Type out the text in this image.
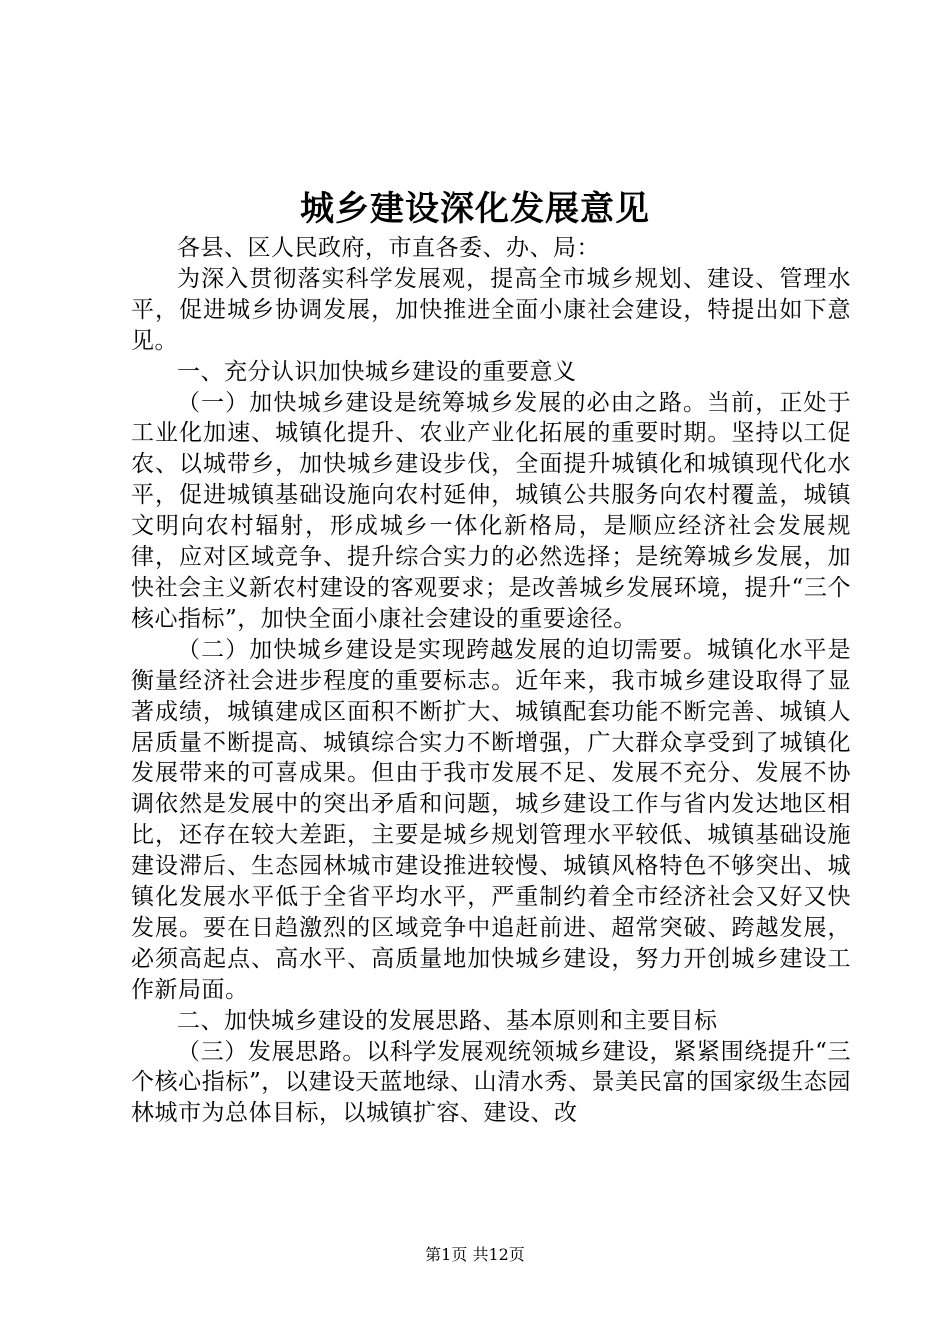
城乡建设深化发展意见

各县、区人民政府，市直各委、办、局：

为深入贯彻落实科学发展观，提高全市城乡规划、建设、管理水平，促进城乡协调发展，加快推进全面小康社会建设，特提出如下意见。

一、充分认识加快城乡建设的重要意义

（一）加快城乡建设是统筹城乡发展的必由之路。当前，正处于工业化加速、城镇化提升、农业产业化拓展的重要时期。坚持以工促农、以城带乡，加快城乡建设步伐，全面提升城镇化和城镇现代化水平，促进城镇基础设施向农村延伸，城镇公共服务向农村覆盖，城镇文明向农村辐射，形成城乡一体化新格局，是顺应经济社会发展规律，应对区域竞争、提升综合实力的必然选择；是统筹城乡发展，加快社会主义新农村建设的客观要求；是改善城乡发展环境，提升“三个核心指标”，加快全面小康社会建设的重要途径。

（二）加快城乡建设是实现跨越发展的迫切需要。城镇化水平是衡量经济社会进步程度的重要标志。近年来，我市城乡建设取得了显著成绩，城镇建成区面积不断扩大、城镇配套功能不断完善、城镇人居质量不断提高、城镇综合实力不断增强，广大群众享受到了城镇化发展带来的可喜成果。但由于我市发展不足、发展不充分、发展不协调依然是发展中的突出矛盾和问题，城乡建设工作与省内发达地区相比，还存在较大差距，主要是城乡规划管理水平较低、城镇基础设施建设滞后、生态园林城市建设推进较慢、城镇风格特色不够突出、城镇化发展水平低于全省平均水平，严重制约着全市经济社会又好又快发展。要在日趋激烈的区域竞争中追赶前进、超常突破、跨越发展，必须高起点、高水平、高质量地加快城乡建设，努力开创城乡建设工作新局面。

二、加快城乡建设的发展思路、基本原则和主要目标

（三）发展思路。以科学发展观统领城乡建设，紧紧围绕提升“三个核心指标”，以建设天蓝地绿、山清水秀、景美民富的国家级生态园林城市为总体目标，以城镇扩容、建设、改

第1页 共12页
